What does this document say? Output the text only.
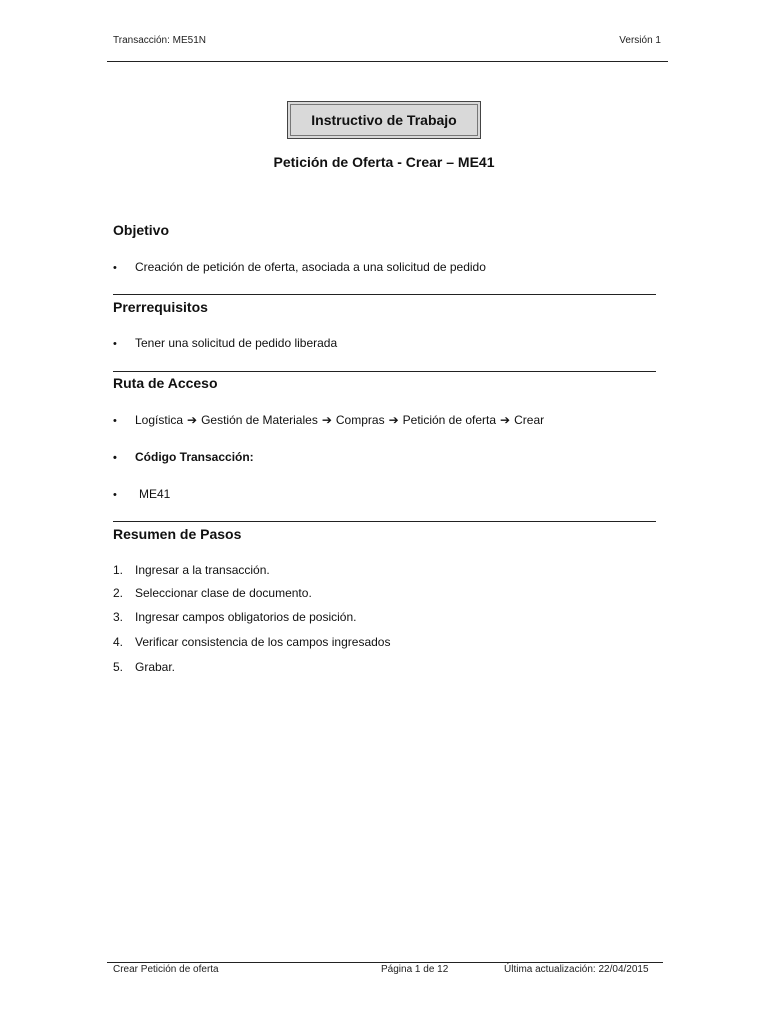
Transacción: ME51N	Versión 1
Instructivo de Trabajo
Petición de Oferta - Crear – ME41
Objetivo
•	Creación de petición de oferta, asociada a una solicitud de pedido
Prerrequisitos
•	Tener una solicitud de pedido liberada
Ruta de Acceso
•	Logística ➔ Gestión de Materiales ➔ Compras ➔ Petición de oferta ➔ Crear
•	Código Transacción:
•	ME41
Resumen de Pasos
1. Ingresar a la transacción.
2. Seleccionar clase de documento.
3. Ingresar campos obligatorios de posición.
4. Verificar consistencia de los campos ingresados
5. Grabar.
Crear Petición de oferta	Página 1 de 12	Última actualización: 22/04/2015
